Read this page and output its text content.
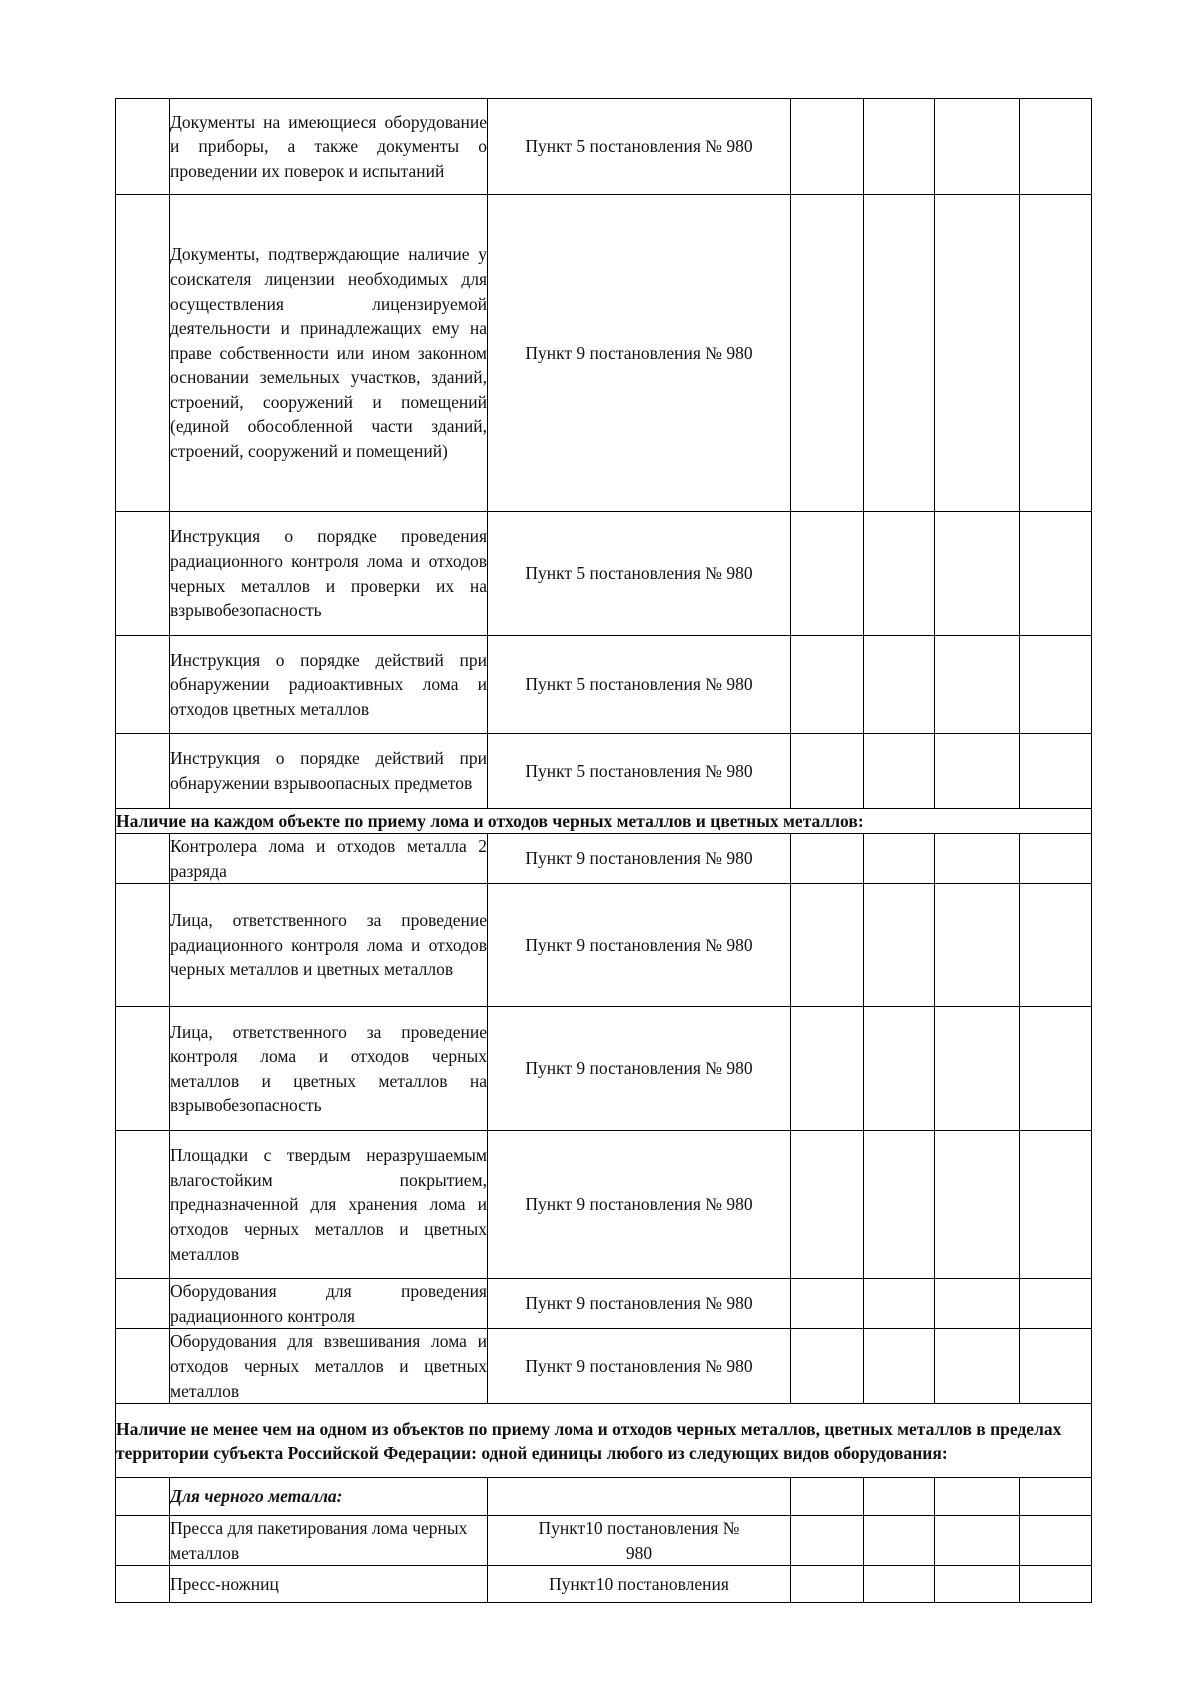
	Документы на имеющиеся оборудование и приборы, а также документы о проведении их поверок и испытаний	Пункт 5 постановления № 980				

	Документы, подтверждающие наличие у соискателя лицензии необходимых для осуществления лицензируемой деятельности и принадлежащих ему на праве собственности или ином законном основании земельных участков, зданий, строений, сооружений и помещений (единой обособленной части зданий, строений, сооружений и помещений)	Пункт 9 постановления № 980				

	Инструкция о порядке проведения радиационного контроля лома и отходов черных металлов и проверки их на взрывобезопасность	Пункт 5 постановления № 980				

	Инструкция о порядке действий при обнаружении радиоактивных лома и отходов цветных металлов	Пункт 5 постановления № 980				

	Инструкция о порядке действий при обнаружении взрывоопасных предметов	Пункт 5 постановления № 980				
Наличие на каждом объекте по приему лома и отходов черных металлов и цветных металлов:						

	Контролера лома и отходов металла 2 разряда	Пункт 9 постановления № 980				

	Лица, ответственного за проведение радиационного контроля лома и отходов черных металлов и цветных металлов	Пункт 9 постановления № 980				

	Лица, ответственного за проведение контроля лома и отходов черных металлов и цветных металлов на взрывобезопасность	Пункт 9 постановления № 980				

	Площадки с твердым неразрушаемым влагостойким покрытием, предназначенной для хранения лома и отходов черных металлов и цветных металлов	Пункт 9 постановления № 980				

	Оборудования для проведения радиационного контроля	Пункт 9 постановления № 980				

	Оборудования для взвешивания лома и отходов черных металлов и цветных металлов	Пункт 9 постановления № 980				
Наличие не менее чем на одном из объектов по приему лома и отходов черных металлов, цветных металлов в пределах территории субъекта Российской Федерации: одной единицы любого из следующих видов оборудования:						
	Для черного металла:					

	Пресса для пакетирования лома черных металлов	Пункт10 постановления № 980				

	Пресс-ножниц	Пункт10 постановления				
